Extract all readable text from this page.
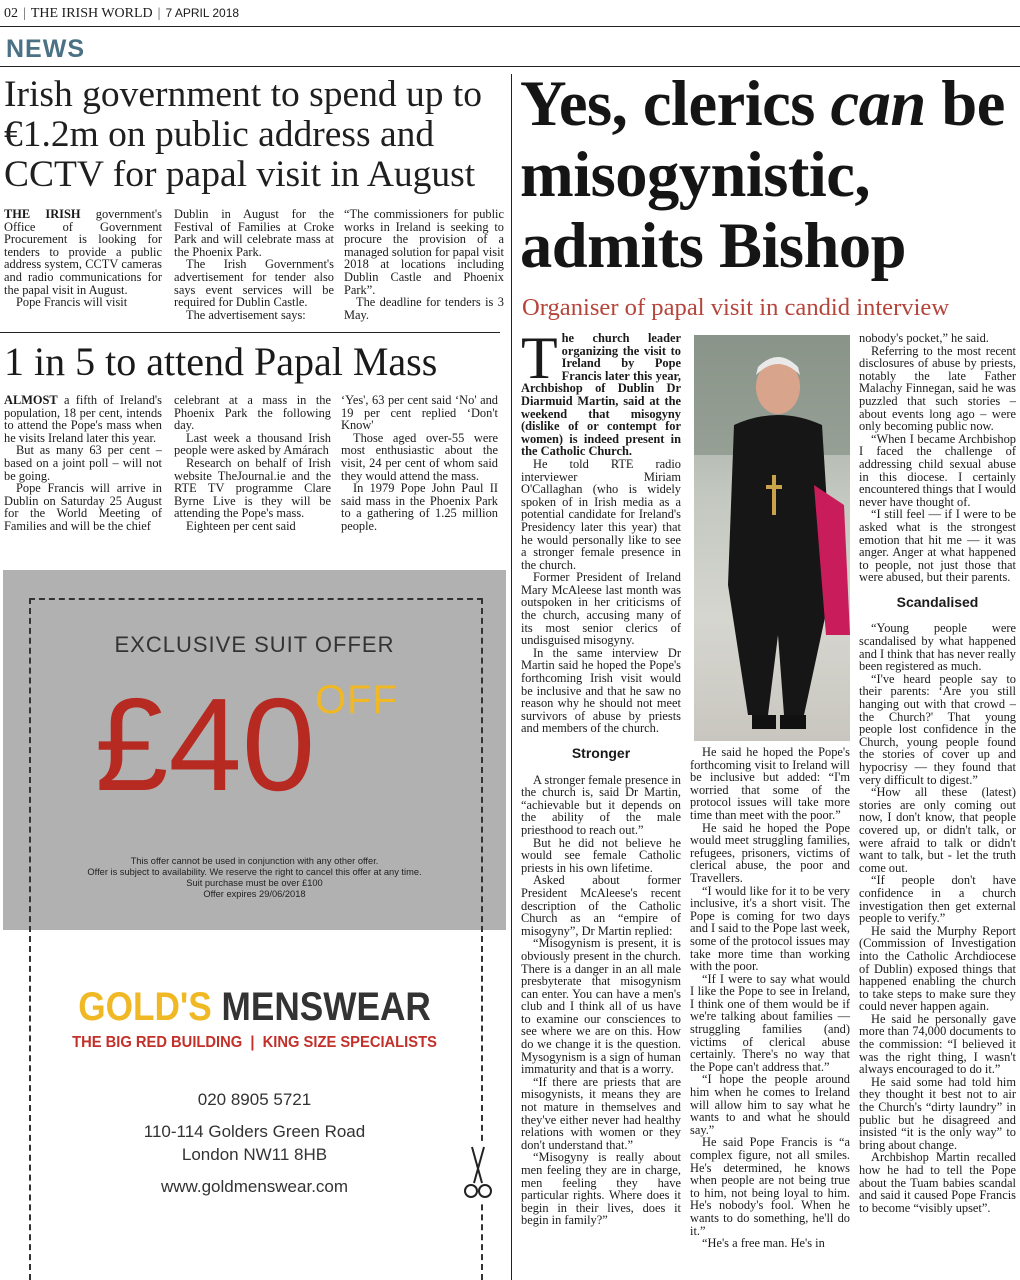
02 | THE IRISH WORLD | 7 APRIL 2018
NEWS
Irish government to spend up to €1.2m on public address and CCTV for papal visit in August

THE IRISH government's Office of Government Procurement is looking for tenders to provide a public address system, CCTV cameras and radio communications for the papal visit in August.

Pope Francis will visit

Dublin in August for the Festival of Families at Croke Park and will celebrate mass at the Phoenix Park.

The Irish Government's advertisement for tender also says event services will be required for Dublin Castle.

The advertisement says:

“The commissioners for public works in Ireland is seeking to procure the provision of a managed solution for papal visit 2018 at locations including Dublin Castle and Phoenix Park”.

The deadline for tenders is 3 May.

1 in 5 to attend Papal Mass

ALMOST a fifth of Ireland's population, 18 per cent, intends to attend the Pope's mass when he visits Ireland later this year.

But as many 63 per cent – based on a joint poll – will not be going.

Pope Francis will arrive in Dublin on Saturday 25 August for the World Meeting of Families and will be the chief

celebrant at a mass in the Phoenix Park the following day.

Last week a thousand Irish people were asked by Amárach

Research on behalf of Irish website TheJournal.ie and the RTE TV programme Clare Byrne Live is they will be attending the Pope's mass.

Eighteen per cent said

‘Yes', 63 per cent said ‘No' and 19 per cent replied ‘Don't Know'

Those aged over-55 were most enthusiastic about the visit, 24 per cent of whom said they would attend the mass.

In 1979 Pope John Paul II said mass in the Phoenix Park to a gathering of 1.25 million people.

EXCLUSIVE SUIT OFFER
£40 OFF
This offer cannot be used in conjunction with any other offer.
Offer is subject to availability. We reserve the right to cancel this offer at any time.
Suit purchase must be over £100
Offer expires 29/06/2018
GOLD'S MENSWEAR
THE BIG RED BUILDING  |  KING SIZE SPECIALISTS
020 8905 5721
110-114 Golders Green Road
London NW11 8HB
www.goldmenswear.com
Yes, clerics can be misogynistic, admits Bishop
Organiser of papal visit in candid interview

The church leader organizing the visit to Ireland by Pope Francis later this year, Archbishop of Dublin Dr Diarmuid Martin, said at the weekend that misogyny (dislike of or contempt for women) is indeed present in the Catholic Church.

He told RTE radio interviewer Miriam O'Callaghan (who is widely spoken of in Irish media as a potential candidate for Ireland's Presidency later this year) that he would personally like to see a stronger female presence in the church.

Former President of Ireland Mary McAleese last month was outspoken in her criticisms of the church, accusing many of its most senior clerics of undisguised misogyny.

In the same interview Dr Martin said he hoped the Pope's forthcoming Irish visit would be inclusive and that he saw no reason why he should not meet survivors of abuse by priests and members of the church.

Stronger

A stronger female presence in the church is, said Dr Martin, “achievable but it depends on the ability of the male priesthood to reach out.”

But he did not believe he would see female Catholic priests in his own lifetime.

Asked about former President McAleese's recent description of the Catholic Church as an “empire of misogyny”, Dr Martin replied:

“Misogynism is present, it is obviously present in the church. There is a danger in an all male presbyterate that misogynism can enter. You can have a men's club and I think all of us have to examine our consciences to see where we are on this. How do we change it is the question. Mysogynism is a sign of human immaturity and that is a worry.

“If there are priests that are misogynists, it means they are not mature in themselves and they've either never had healthy relations with women or they don't understand that.”

“Misogyny is really about men feeling they are in charge, men feeling they have particular rights. Where does it begin in their lives, does it begin in family?”

He said he hoped the Pope's forthcoming visit to Ireland will be inclusive but added: “I'm worried that some of the protocol issues will take more time than meet with the poor.”

He said he hoped the Pope would meet struggling families, refugees, prisoners, victims of clerical abuse, the poor and Travellers.

“I would like for it to be very inclusive, it's a short visit. The Pope is coming for two days and I said to the Pope last week, some of the protocol issues may take more time than working with the poor.

“If I were to say what would I like the Pope to see in Ireland, I think one of them would be if we're talking about families — struggling families (and) victims of clerical abuse certainly. There's no way that the Pope can't address that.”

“I hope the people around him when he comes to Ireland will allow him to say what he wants to and what he should say.”

He said Pope Francis is “a complex figure, not all smiles. He's determined, he knows when people are not being true to him, not being loyal to him. He's nobody's fool. When he wants to do something, he'll do it.”

“He's a free man. He's in

nobody's pocket,” he said.

Referring to the most recent disclosures of abuse by priests, notably the late Father Malachy Finnegan, said he was puzzled that such stories – about events long ago – were only becoming public now.

“When I became Archbishop I faced the challenge of addressing child sexual abuse in this diocese. I certainly encountered things that I would never have thought of.

“I still feel — if I were to be asked what is the strongest emotion that hit me — it was anger. Anger at what happened to people, not just those that were abused, but their parents.

Scandalised

“Young people were scandalised by what happened and I think that has never really been registered as much.

“I've heard people say to their parents: ‘Are you still hanging out with that crowd – the Church?' That young people lost confidence in the Church, young people found the stories of cover up and hypocrisy — they found that very difficult to digest.”

“How all these (latest) stories are only coming out now, I don't know, that people covered up, or didn't talk, or were afraid to talk or didn't want to talk, but - let the truth come out.

“If people don't have confidence in a church investigation then get external people to verify.”

He said the Murphy Report (Commission of Investigation into the Catholic Archdiocese of Dublin) exposed things that happened enabling the church to take steps to make sure they could never happen again.

He said he personally gave more than 74,000 documents to the commission: “I believed it was the right thing, I wasn't always encouraged to do it.”

He said some had told him they thought it best not to air the Church's “dirty laundry” in public but he disagreed and insisted “it is the only way” to bring about change.

Archbishop Martin recalled how he had to tell the Pope about the Tuam babies scandal and said it caused Pope Francis to become “visibly upset”.
